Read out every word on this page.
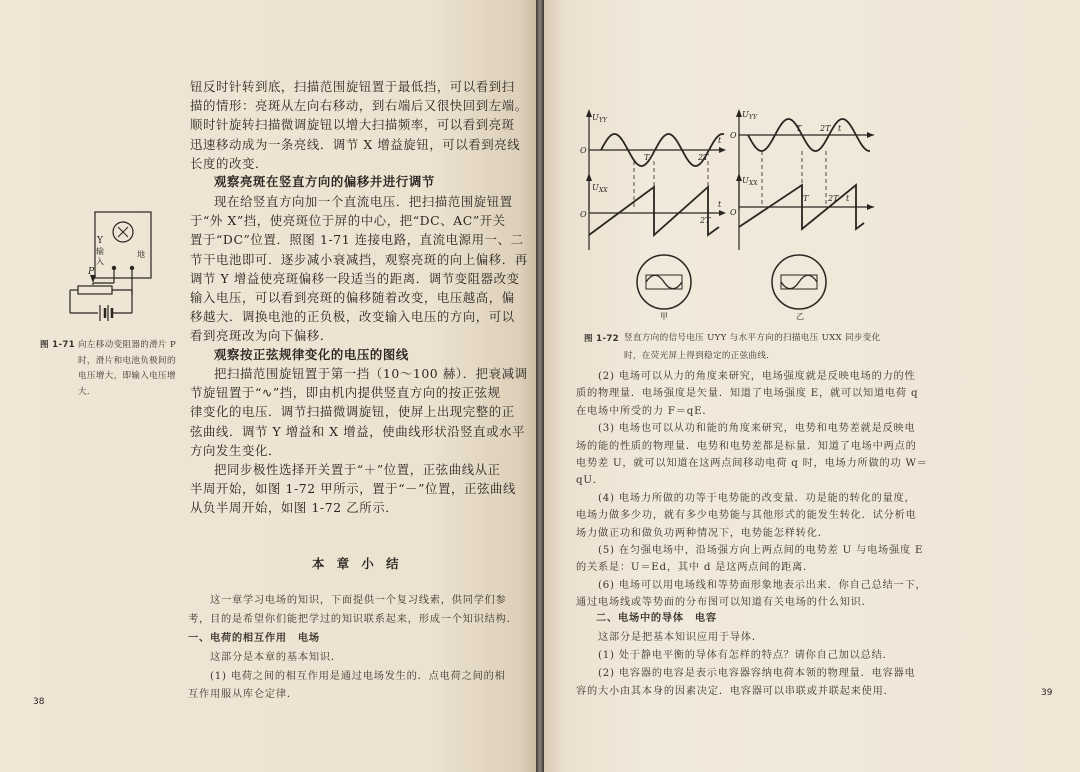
钮反时针转到底，扫描范围旋钮置于最低挡，可以看到扫
描的情形：亮斑从左向右移动，到右端后又很快回到左端。
顺时针旋转扫描微调旋钮以增大扫描频率，可以看到亮斑
迅速移动成为一条亮线．调节 X 增益旋钮，可以看到亮线
长度的改变．
观察亮斑在竖直方向的偏移并进行调节
现在给竖直方向加一个直流电压．把扫描范围旋钮置
于“外 X”挡，使亮斑位于屏的中心，把“DC、AC”开关
置于“DC”位置．照图 1-71 连接电路，直流电源用一、二
节干电池即可．逐步减小衰减挡，观察亮斑的向上偏移．再
调节 Y 增益使亮斑偏移一段适当的距离．调节变阻器改变
输入电压，可以看到亮斑的偏移随着改变，电压越高，偏
移越大．调换电池的正负极，改变输入电压的方向，可以
看到亮斑改为向下偏移．
观察按正弦规律变化的电压的图线
把扫描范围旋钮置于第一挡（10～100 赫）．把衰减调
节旋钮置于“∿”挡，即由机内提供竖直方向的按正弦规
律变化的电压．调节扫描微调旋钮，使屏上出现完整的正
弦曲线．调节 Y 增益和 X 增益，使曲线形状沿竖直或水平
方向发生变化．
把同步极性选择开关置于“＋”位置，正弦曲线从正
半周开始，如图 1-72 甲所示，置于“－”位置，正弦曲线
从负半周开始，如图 1-72 乙所示．
Y
输
入
地
P
图 1-71 向左移动变阻器的滑片 P
时，滑片和电池负极间的
电压增大，即输入电压增
大．
本 章 小 结
这一章学习电场的知识，下面提供一个复习线索，供同学们参
考，目的是希望你们能把学过的知识联系起来，形成一个知识结构．
一、电荷的相互作用　电场
这部分是本章的基本知识．
(1) 电荷之间的相互作用是通过电场发生的．点电荷之间的相
互作用服从库仑定律．
38
U YY
O
t
T	2T
U XX
O
t
2T
U YY
O
t
T 2T
U XX
O
t
T 2T
甲	乙
图 1-72 竖直方向的信号电压 UYY 与水平方向的扫描电压 UXX 同步变化
时，在荧光屏上得到稳定的正弦曲线．
(2) 电场可以从力的角度来研究，电场强度就是反映电场的力的性
质的物理量．电场强度是矢量．知道了电场强度 E，就可以知道电荷 q
在电场中所受的力 F＝qE．
(3) 电场也可以从功和能的角度来研究，电势和电势差就是反映电
场的能的性质的物理量．电势和电势差都是标量．知道了电场中两点的
电势差 U，就可以知道在这两点间移动电荷 q 时，电场力所做的功 W＝
qU．
(4) 电场力所做的功等于电势能的改变量．功是能的转化的量度，
电场力做多少功，就有多少电势能与其他形式的能发生转化．试分析电
场力做正功和做负功两种情况下，电势能怎样转化．
(5) 在匀强电场中，沿场强方向上两点间的电势差 U 与电场强度 E
的关系是：U＝Ed，其中 d 是这两点间的距离．
(6) 电场可以用电场线和等势面形象地表示出来．你自己总结一下，
通过电场线或等势面的分布图可以知道有关电场的什么知识．
二、电场中的导体　电容
这部分是把基本知识应用于导体．
(1) 处于静电平衡的导体有怎样的特点？请你自己加以总结．
(2) 电容器的电容是表示电容器容纳电荷本领的物理量．电容器电
容的大小由其本身的因素决定．电容器可以串联或并联起来使用．	39
